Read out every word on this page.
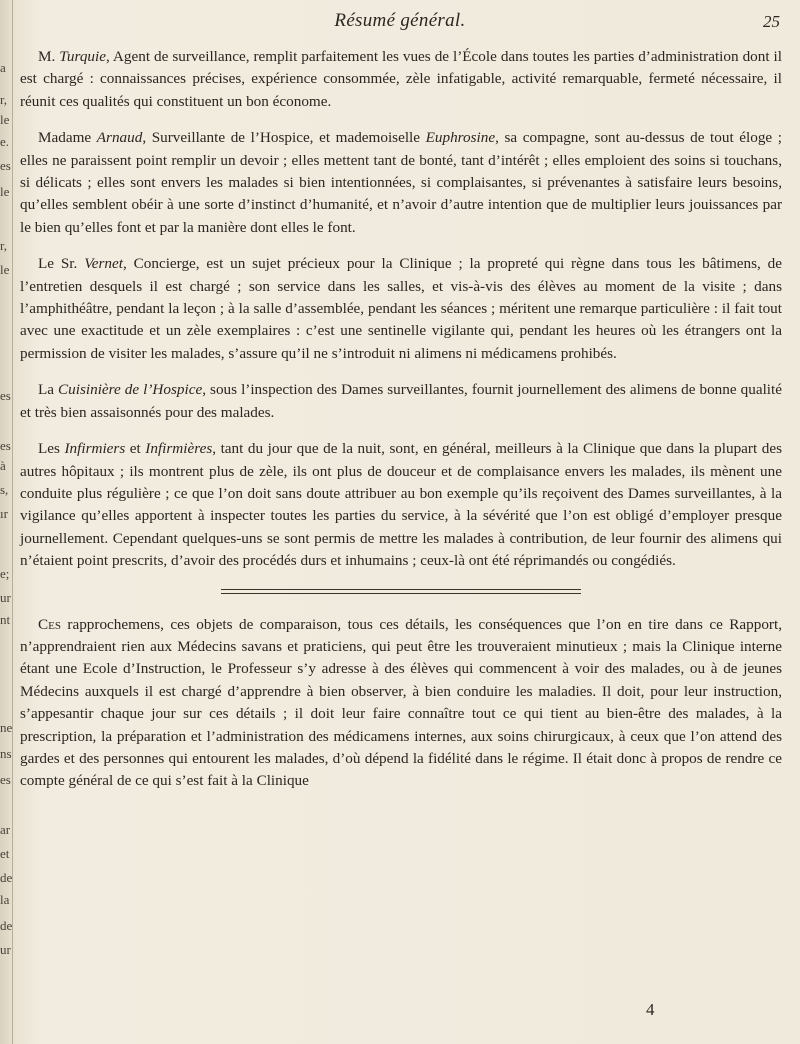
a
r,
le
e.
es
le
r,
le
es
es
à
s,
ır
e;
ur
nt
ne
ns
es
ar
et
de
la
de
ur
Résumé général.	25

M. Turquie, Agent de surveillance, remplit parfaitement les vues de l’École dans toutes les parties d’administration dont il est chargé : connaissances précises, expérience consommée, zèle infatigable, activité remarquable, fermeté nécessaire, il réunit ces qualités qui constituent un bon économe.

Madame Arnaud, Surveillante de l’Hospice, et mademoiselle Euphrosine, sa compagne, sont au-dessus de tout éloge ; elles ne paraissent point remplir un devoir ; elles mettent tant de bonté, tant d’intérêt ; elles emploient des soins si touchans, si délicats ; elles sont envers les malades si bien intentionnées, si complaisantes, si prévenantes à satisfaire leurs besoins, qu’elles semblent obéir à une sorte d’instinct d’humanité, et n’avoir d’autre intention que de multiplier leurs jouissances par le bien qu’elles font et par la manière dont elles le font.

Le Sr. Vernet, Concierge, est un sujet précieux pour la Clinique ; la propreté qui règne dans tous les bâtimens, de l’entretien desquels il est chargé ; son service dans les salles, et vis-à-vis des élèves au moment de la visite ; dans l’amphithéâtre, pendant la leçon ; à la salle d’assemblée, pendant les séances ; méritent une remarque particulière : il fait tout avec une exactitude et un zèle exemplaires : c’est une sentinelle vigilante qui, pendant les heures où les étrangers ont la permission de visiter les malades, s’assure qu’il ne s’introduit ni alimens ni médicamens prohibés.

La Cuisinière de l’Hospice, sous l’inspection des Dames surveillantes, fournit journellement des alimens de bonne qualité et très bien assaisonnés pour des malades.

Les Infirmiers et Infirmières, tant du jour que de la nuit, sont, en général, meilleurs à la Clinique que dans la plupart des autres hôpitaux ; ils montrent plus de zèle, ils ont plus de douceur et de complaisance envers les malades, ils mènent une conduite plus régulière ; ce que l’on doit sans doute attribuer au bon exemple qu’ils reçoivent des Dames surveillantes, à la vigilance qu’elles apportent à inspecter toutes les parties du service, à la sévérité que l’on est obligé d’employer presque journellement. Cependant quelques-uns se sont permis de mettre les malades à contribution, de leur fournir des alimens qui n’étaient point prescrits, d’avoir des procédés durs et inhumains ; ceux-là ont été réprimandés ou congédiés.

Ces rapprochemens, ces objets de comparaison, tous ces détails, les conséquences que l’on en tire dans ce Rapport, n’apprendraient rien aux Médecins savans et praticiens, qui peut être les trouveraient minutieux ; mais la Clinique interne étant une Ecole d’Instruction, le Professeur s’y adresse à des élèves qui commencent à voir des malades, ou à de jeunes Médecins auxquels il est chargé d’apprendre à bien observer, à bien conduire les maladies. Il doit, pour leur instruction, s’appesantir chaque jour sur ces détails ; il doit leur faire connaître tout ce qui tient au bien-être des malades, à la prescription, la préparation et l’administration des médicamens internes, aux soins chirurgicaux, à ceux que l’on attend des gardes et des personnes qui entourent les malades, d’où dépend la fidélité dans le régime. Il était donc à propos de rendre ce compte général de ce qui s’est fait à la Clinique

4
